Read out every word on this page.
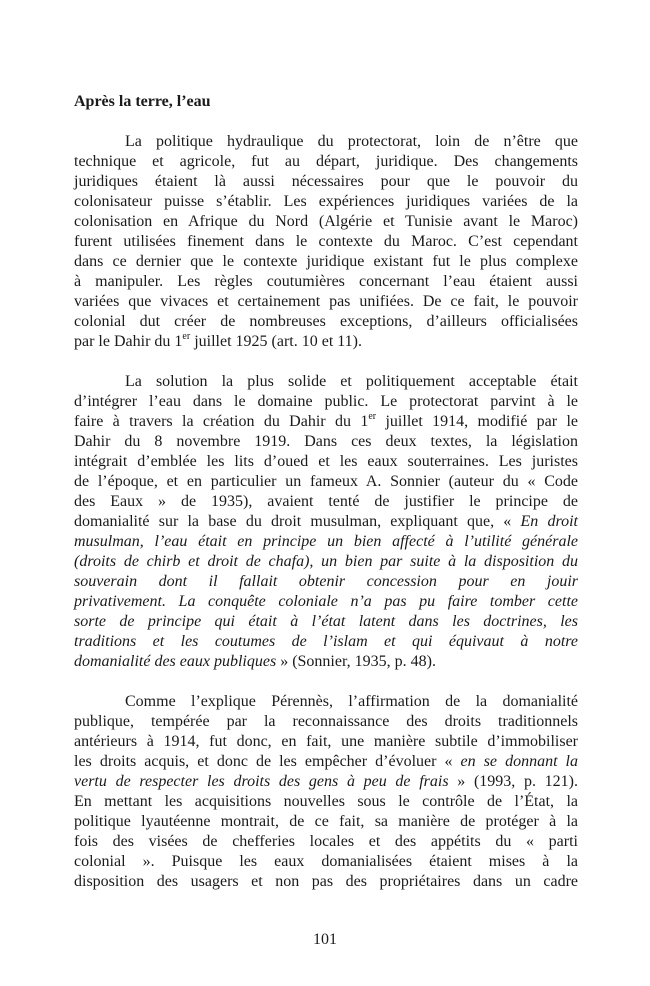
Après la terre, l’eau
La politique hydraulique du protectorat, loin de n’être que
technique et agricole, fut au départ, juridique. Des changements
juridiques étaient là aussi nécessaires pour que le pouvoir du
colonisateur puisse s’établir. Les expériences juridiques variées de la
colonisation en Afrique du Nord (Algérie et Tunisie avant le Maroc)
furent utilisées finement dans le contexte du Maroc. C’est cependant
dans ce dernier que le contexte juridique existant fut le plus complexe
à manipuler. Les règles coutumières concernant l’eau étaient aussi
variées que vivaces et certainement pas unifiées. De ce fait, le pouvoir
colonial dut créer de nombreuses exceptions, d’ailleurs officialisées
par le Dahir du 1er juillet 1925 (art. 10 et 11).
La solution la plus solide et politiquement acceptable était
d’intégrer l’eau dans le domaine public. Le protectorat parvint à le
faire à travers la création du Dahir du 1er juillet 1914, modifié par le
Dahir du 8 novembre 1919. Dans ces deux textes, la législation
intégrait d’emblée les lits d’oued et les eaux souterraines. Les juristes
de l’époque, et en particulier un fameux A. Sonnier (auteur du « Code
des Eaux » de 1935), avaient tenté de justifier le principe de
domanialité sur la base du droit musulman, expliquant que, « En droit
musulman, l’eau était en principe un bien affecté à l’utilité générale
(droits de chirb et droit de chafa), un bien par suite à la disposition du
souverain dont il fallait obtenir concession pour en jouir
privativement. La conquête coloniale n’a pas pu faire tomber cette
sorte de principe qui était à l’état latent dans les doctrines, les
traditions et les coutumes de l’islam et qui équivaut à notre
domanialité des eaux publiques » (Sonnier, 1935, p. 48).
Comme l’explique Pérennès, l’affirmation de la domanialité
publique, tempérée par la reconnaissance des droits traditionnels
antérieurs à 1914, fut donc, en fait, une manière subtile d’immobiliser
les droits acquis, et donc de les empêcher d’évoluer « en se donnant la
vertu de respecter les droits des gens à peu de frais » (1993, p. 121).
En mettant les acquisitions nouvelles sous le contrôle de l’État, la
politique lyautéenne montrait, de ce fait, sa manière de protéger à la
fois des visées de chefferies locales et des appétits du « parti
colonial ». Puisque les eaux domanialisées étaient mises à la
disposition des usagers et non pas des propriétaires dans un cadre
101
